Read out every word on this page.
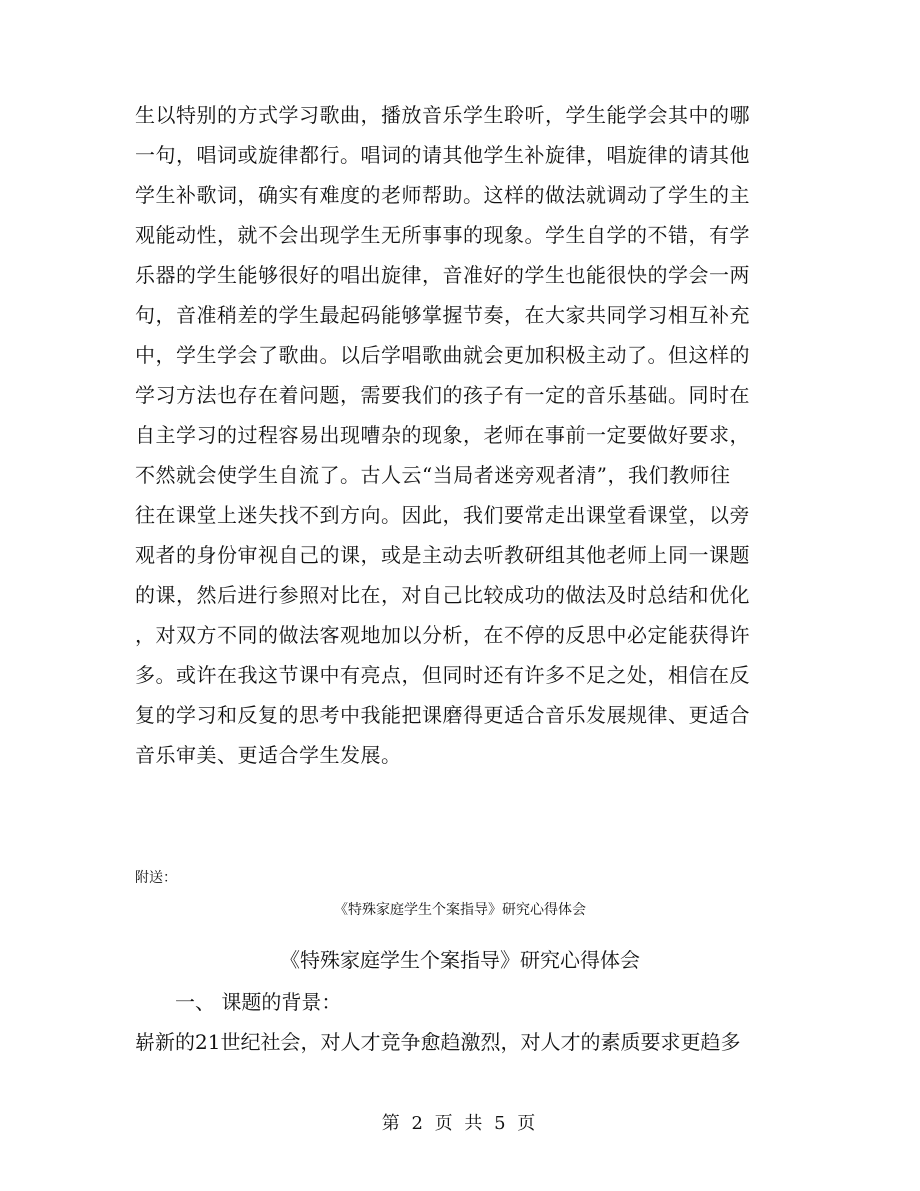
生以特别的方式学习歌曲，播放音乐学生聆听，学生能学会其中的哪
一句，唱词或旋律都行。唱词的请其他学生补旋律，唱旋律的请其他
学生补歌词，确实有难度的老师帮助。这样的做法就调动了学生的主
观能动性，就不会出现学生无所事事的现象。学生自学的不错，有学
乐器的学生能够很好的唱出旋律，音准好的学生也能很快的学会一两
句，音准稍差的学生最起码能够掌握节奏，在大家共同学习相互补充
中，学生学会了歌曲。以后学唱歌曲就会更加积极主动了。但这样的
学习方法也存在着问题，需要我们的孩子有一定的音乐基础。同时在
自主学习的过程容易出现嘈杂的现象，老师在事前一定要做好要求，
不然就会使学生自流了。古人云“当局者迷旁观者清”，我们教师往
往在课堂上迷失找不到方向。因此，我们要常走出课堂看课堂，以旁
观者的身份审视自己的课，或是主动去听教研组其他老师上同一课题
的课，然后进行参照对比在，对自己比较成功的做法及时总结和优化
，对双方不同的做法客观地加以分析，在不停的反思中必定能获得许
多。或许在我这节课中有亮点，但同时还有许多不足之处，相信在反
复的学习和反复的思考中我能把课磨得更适合音乐发展规律、更适合
音乐审美、更适合学生发展。
附送：
《特殊家庭学生个案指导》研究心得体会
《特殊家庭学生个案指导》研究心得体会
一、 课题的背景：
崭新的21世纪社会，对人才竞争愈趋激烈，对人才的素质要求更趋多
第 2 页 共 5 页
